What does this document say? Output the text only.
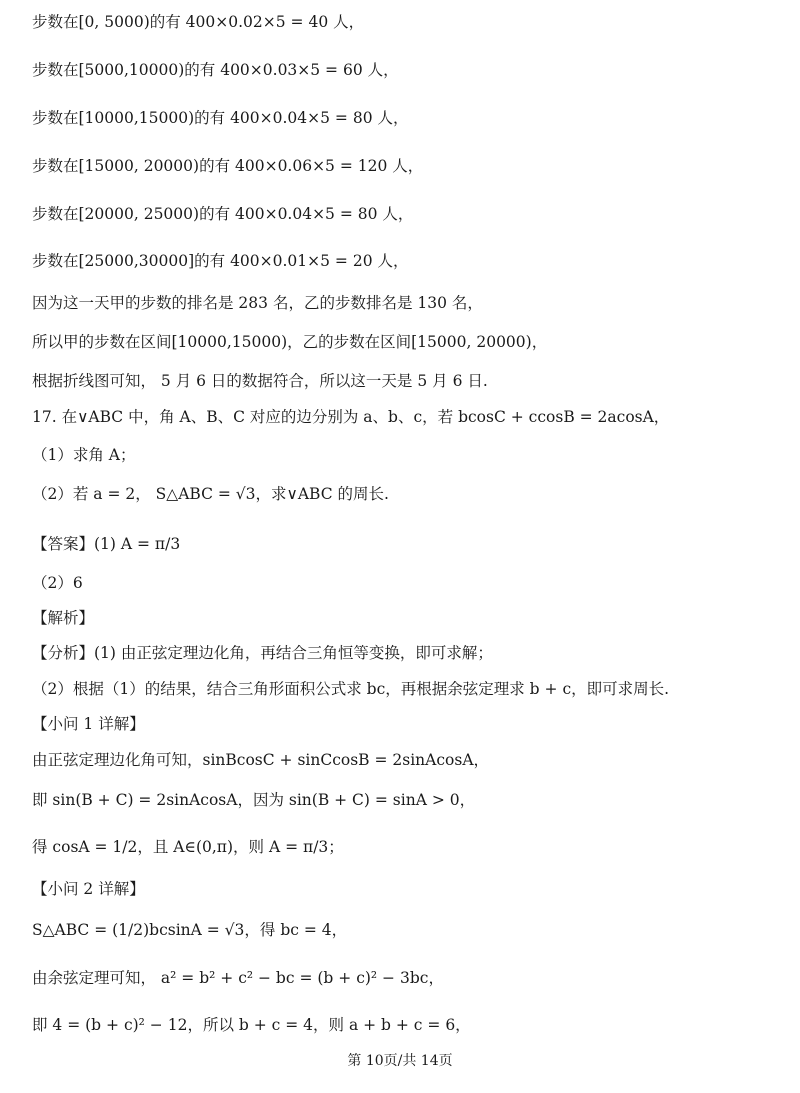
步数在[0, 5000)的有 400×0.02×5 = 40 人，
步数在[5000,10000)的有 400×0.03×5 = 60 人，
步数在[10000,15000)的有 400×0.04×5 = 80 人，
步数在[15000, 20000)的有 400×0.06×5 = 120 人，
步数在[20000, 25000)的有 400×0.04×5 = 80 人，
步数在[25000,30000]的有 400×0.01×5 = 20 人，
因为这一天甲的步数的排名是 283 名，乙的步数排名是 130 名，
所以甲的步数在区间[10000,15000)，乙的步数在区间[15000, 20000)，
根据折线图可知， 5 月 6 日的数据符合，所以这一天是 5 月 6 日.
17. 在∨ABC 中，角 A、B、C 对应的边分别为 a、b、c，若 bcosC + ccosB = 2acosA，
（1）求角 A；
（2）若 a = 2， S△ABC = √3，求∨ABC 的周长.
【答案】(1) A = π/3
（2）6
【解析】
【分析】(1) 由正弦定理边化角，再结合三角恒等变换，即可求解；
（2）根据（1）的结果，结合三角形面积公式求 bc，再根据余弦定理求 b + c，即可求周长.
【小问 1 详解】
由正弦定理边化角可知，sinBcosC + sinCcosB = 2sinAcosA，
即 sin(B + C) = 2sinAcosA，因为 sin(B + C) = sinA > 0，
得 cosA = 1/2，且 A∈(0,π)，则 A = π/3；
【小问 2 详解】
S△ABC = (1/2)bcsinA = √3，得 bc = 4，
由余弦定理可知， a² = b² + c² − bc = (b + c)² − 3bc，
即 4 = (b + c)² − 12，所以 b + c = 4，则 a + b + c = 6，
第 10页/共 14页
